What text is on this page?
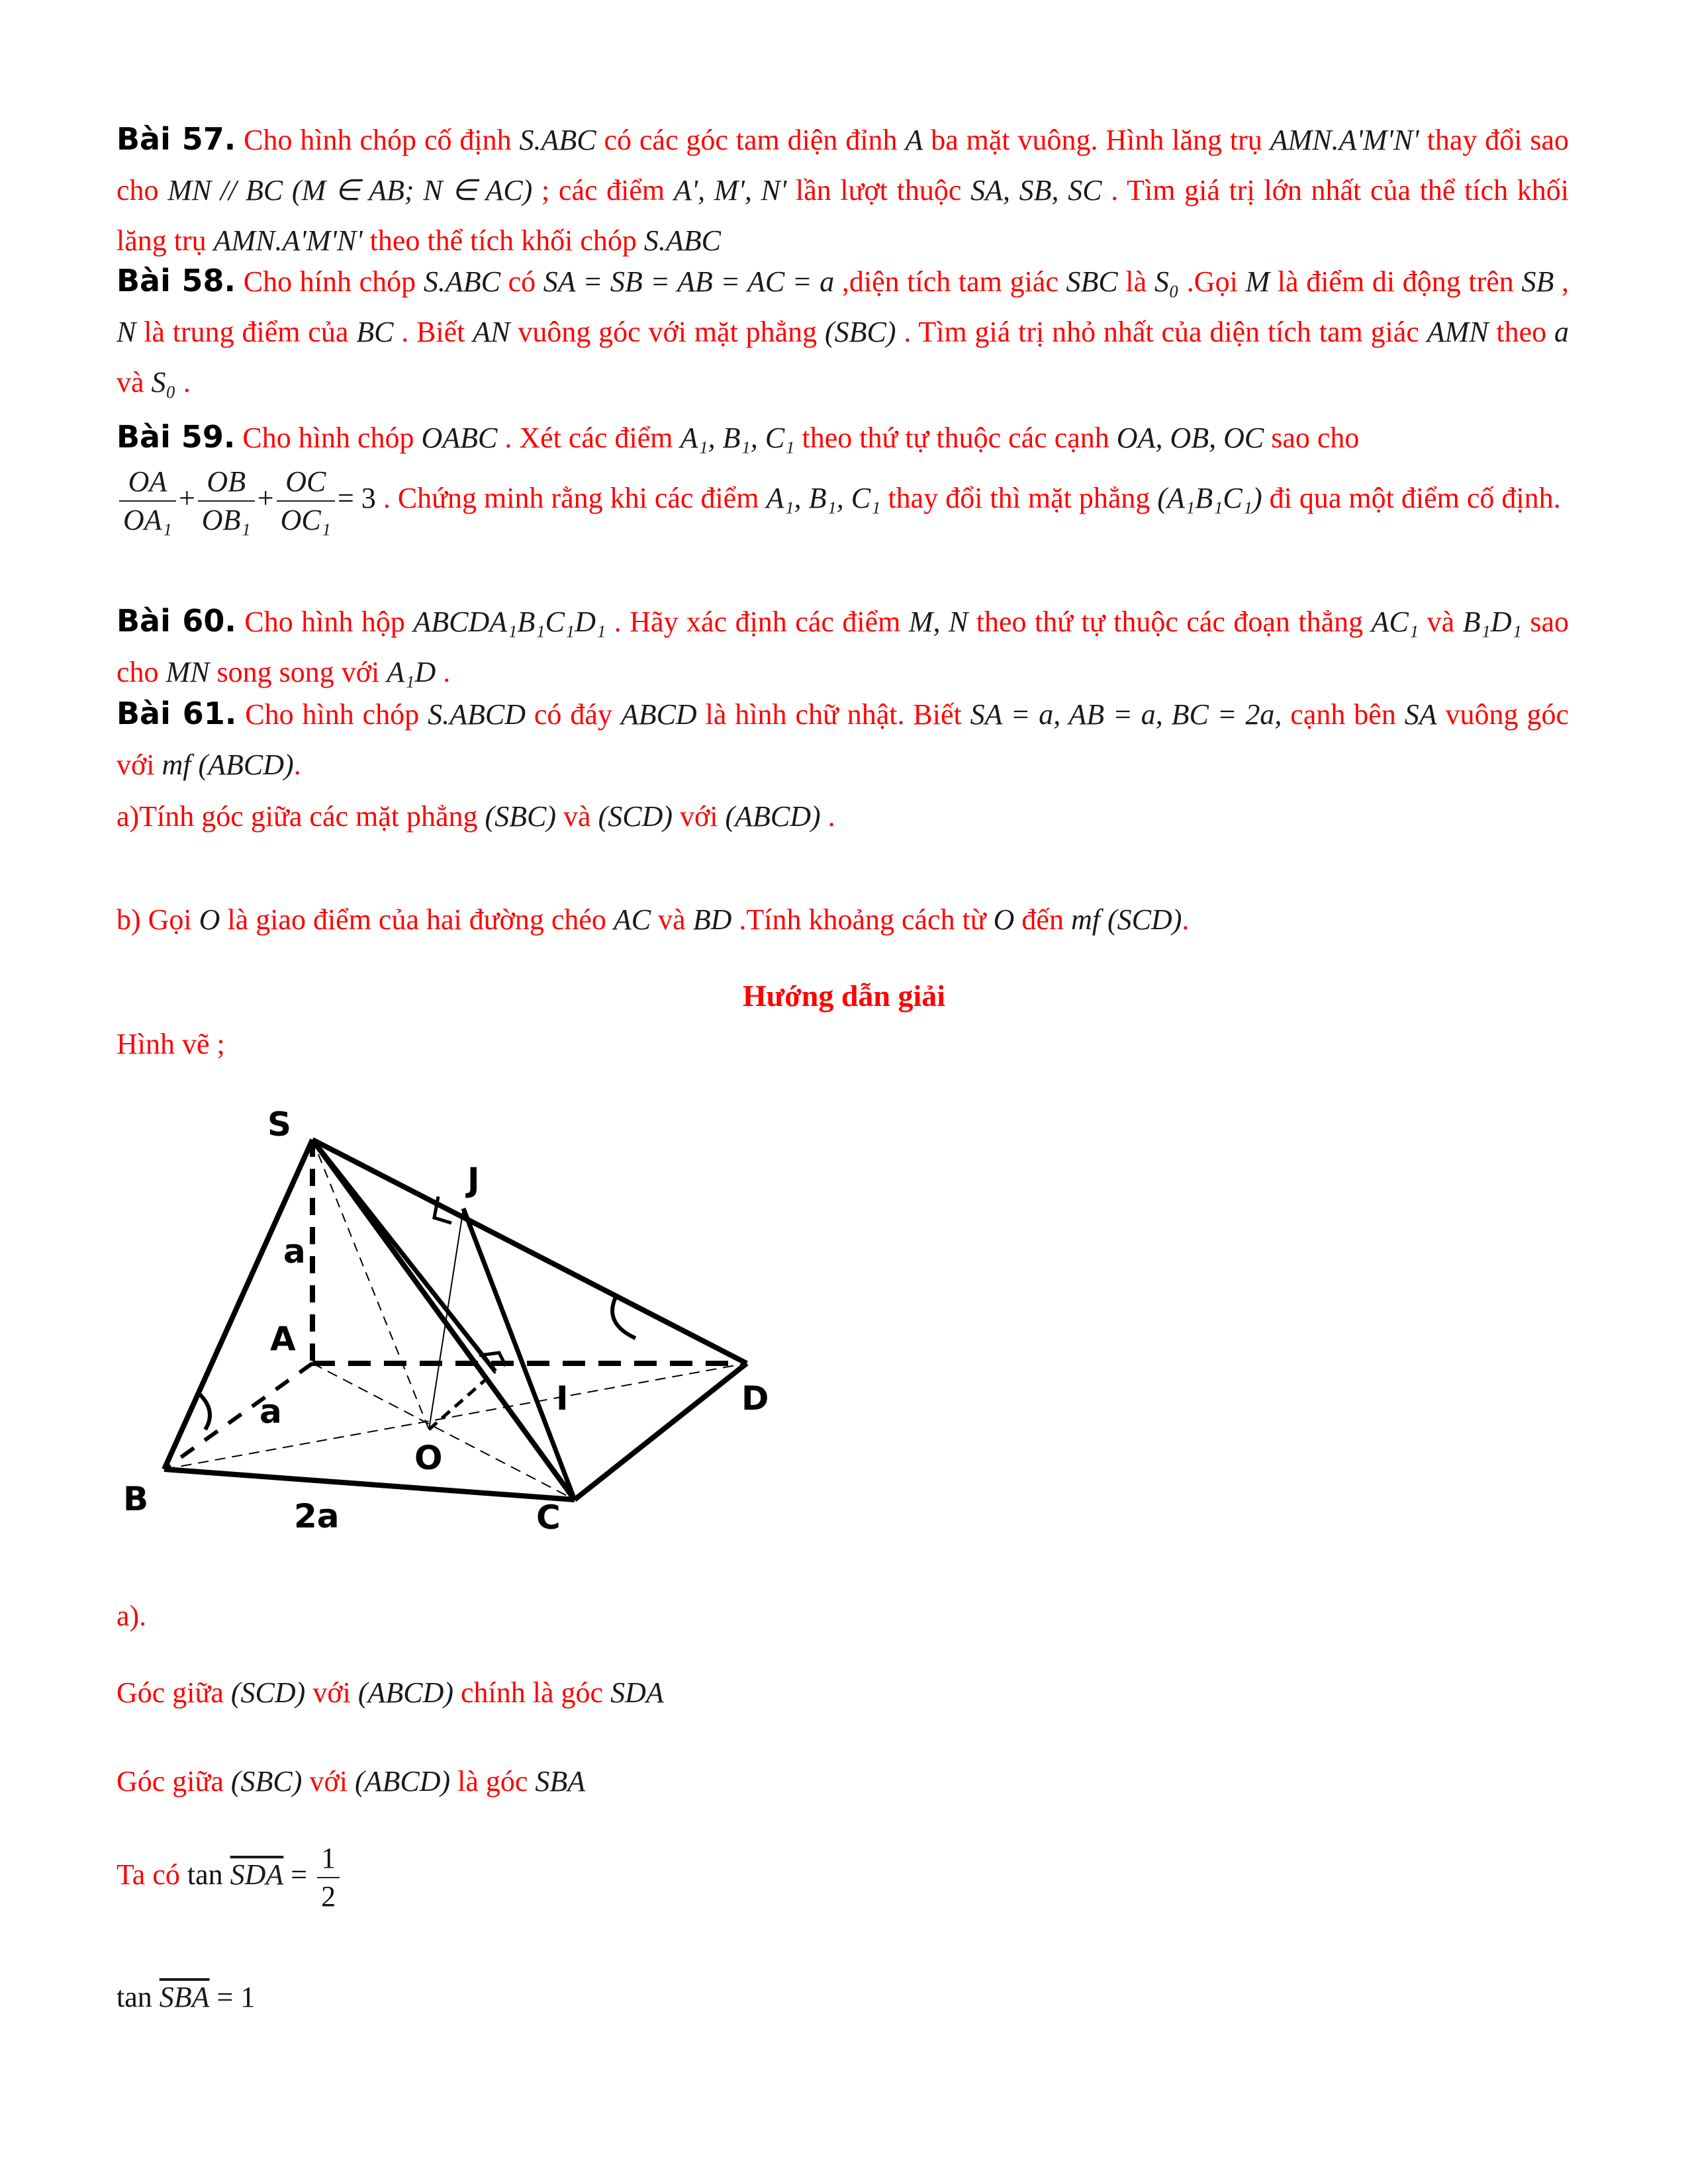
Bài 57. Cho hình chóp cố định S.ABC có các góc tam diện đỉnh A ba mặt vuông. Hình lăng trụ AMN.A'M'N' thay đổi sao cho MN // BC (M ∈ AB; N ∈ AC) ; các điểm A', M', N' lần lượt thuộc SA, SB, SC . Tìm giá trị lớn nhất của thể tích khối lăng trụ AMN.A'M'N' theo thể tích khối chóp S.ABC

Bài 58. Cho hính chóp S.ABC có SA = SB = AB = AC = a ,diện tích tam giác SBC là S₀ .Gọi M là điểm di động trên SB , N là trung điểm của BC . Biết AN vuông góc với mặt phẳng (SBC) . Tìm giá trị nhỏ nhất của diện tích tam giác AMN theo a và S₀ .

Bài 59. Cho hình chóp OABC . Xét các điểm A₁, B₁, C₁ theo thứ tự thuộc các cạnh OA, OB, OC sao cho

$\frac{OA}{\text{OA₁}} + \frac{OB}{\text{OB₁}} + \frac{OC}{\text{OC₁}} = 3$ . Chứng minh rằng khi các điểm A₁, B₁, C₁ thay đổi thì mặt phẳng (A₁B₁C₁) đi qua một điểm cố định.

Bài 60. Cho hình hộp ABCDA₁B₁C₁D₁ . Hãy xác định các điểm M, N theo thứ tự thuộc các đoạn thẳng AC₁ và B₁D₁ sao cho MN song song với A₁D .

Bài 61. Cho hình chóp S.ABCD có đáy ABCD là hình chữ nhật. Biết SA = a, AB = a, BC = 2a, cạnh bên SA vuông góc với mf (ABCD).

a)Tính góc giữa các mặt phẳng (SBC) và (SCD) với (ABCD) .

b) Gọi O là giao điểm của hai đường chéo AC và BD .Tính khoảng cách từ O đến mf (SCD).

Hướng dẫn giải

Hình vẽ ;

S
J
a
A
a	I	D
O
B	2a	C

a).

Góc giữa (SCD) với (ABCD) chính là góc SDA

Góc giữa (SBC) với (ABCD) là góc SBA

Ta có $\tan \overline{SDA} = \frac{1}{2}$
$\tan \overline{SBA} = 1$
